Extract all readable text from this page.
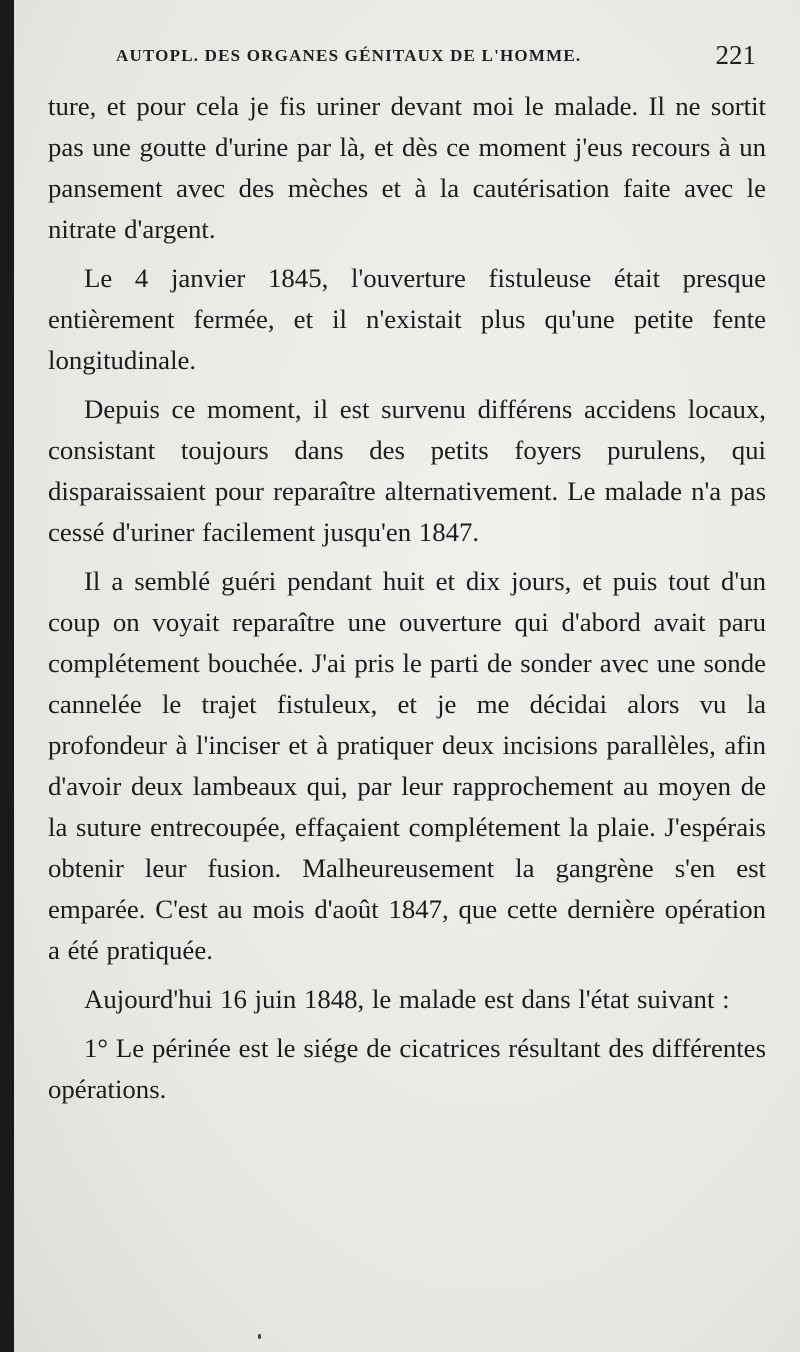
AUTOPL. DES ORGANES GÉNITAUX DE L'HOMME.	221

ture, et pour cela je fis uriner devant moi le malade. Il ne sortit pas une goutte d'urine par là, et dès ce moment j'eus recours à un pansement avec des mèches et à la cautérisation faite avec le nitrate d'argent.

Le 4 janvier 1845, l'ouverture fistuleuse était presque entièrement fermée, et il n'existait plus qu'une petite fente longitudinale.

Depuis ce moment, il est survenu différens accidens locaux, consistant toujours dans des petits foyers purulens, qui disparaissaient pour reparaître alternativement. Le malade n'a pas cessé d'uriner facilement jusqu'en 1847.

Il a semblé guéri pendant huit et dix jours, et puis tout d'un coup on voyait reparaître une ouverture qui d'abord avait paru complétement bouchée. J'ai pris le parti de sonder avec une sonde cannelée le trajet fistuleux, et je me décidai alors vu la profondeur à l'inciser et à pratiquer deux incisions parallèles, afin d'avoir deux lambeaux qui, par leur rapprochement au moyen de la suture entrecoupée, effaçaient complétement la plaie. J'espérais obtenir leur fusion. Malheureusement la gangrène s'en est emparée. C'est au mois d'août 1847, que cette dernière opération a été pratiquée.

Aujourd'hui 16 juin 1848, le malade est dans l'état suivant :

1° Le périnée est le siége de cicatrices résultant des différentes opérations.
